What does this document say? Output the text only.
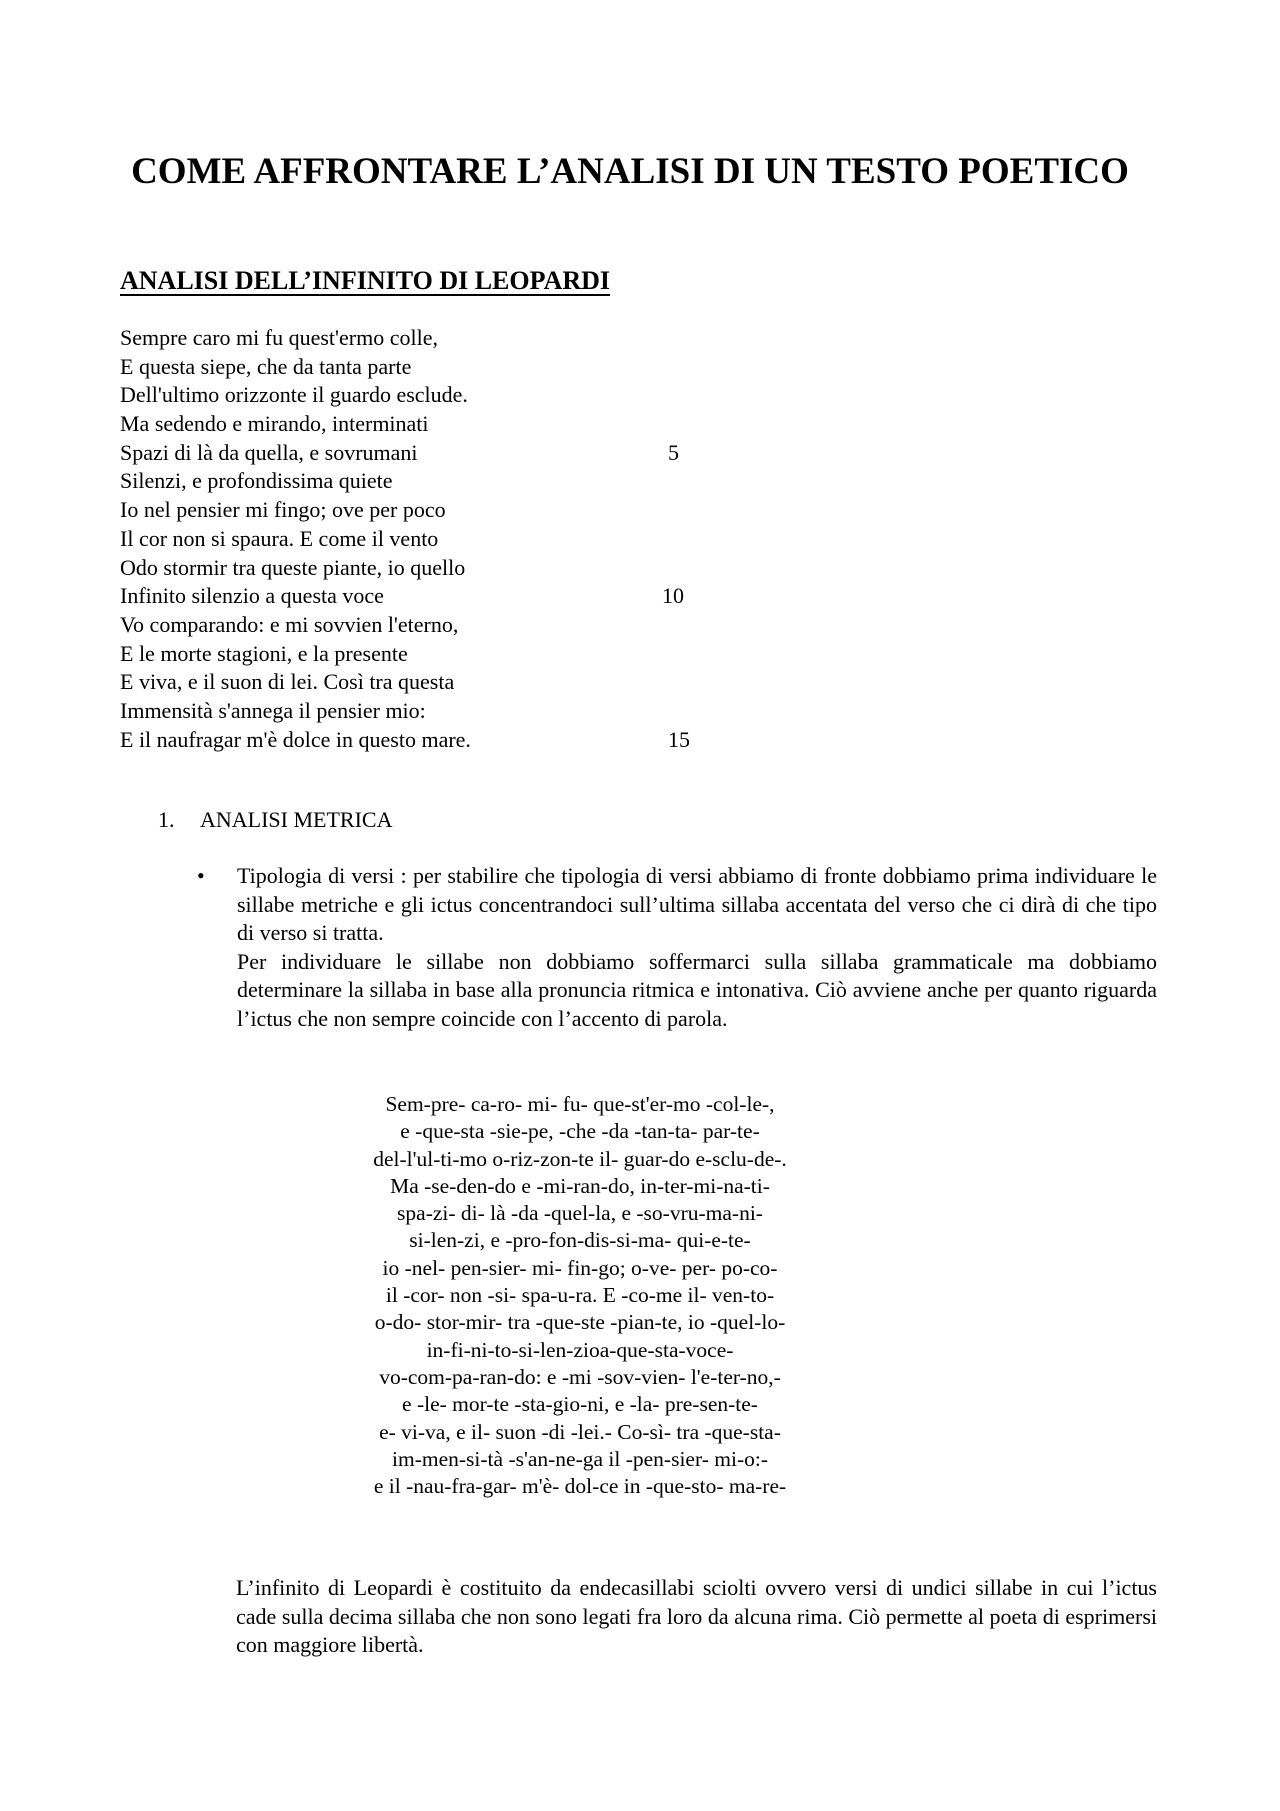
COME AFFRONTARE L’ANALISI DI UN TESTO POETICO
ANALISI DELL’INFINITO DI LEOPARDI
Sempre caro mi fu quest'ermo colle,
E questa siepe, che da tanta parte
Dell'ultimo orizzonte il guardo esclude.
Ma sedendo e mirando, interminati
Spazi di là da quella, e sovrumani	5
Silenzi, e profondissima quiete
Io nel pensier mi fingo; ove per poco
Il cor non si spaura. E come il vento
Odo stormir tra queste piante, io quello
Infinito silenzio a questa voce	10
Vo comparando: e mi sovvien l'eterno,
E le morte stagioni, e la presente
E viva, e il suon di lei. Così tra questa
Immensità s'annega il pensier mio:
E il naufragar m'è dolce in questo mare.	15

1. ANALISI METRICA

•	Tipologia di versi : per stabilire che tipologia di versi abbiamo di fronte dobbiamo prima individuare le sillabe metriche e gli ictus concentrandoci sull’ultima sillaba accentata del verso che ci dirà di che tipo di verso si tratta.

Per individuare le sillabe non dobbiamo soffermarci sulla sillaba grammaticale ma dobbiamo determinare la sillaba in base alla pronuncia ritmica e intonativa. Ciò avviene anche per quanto riguarda l’ictus che non sempre coincide con l’accento di parola.

Sem-pre- ca-ro- mi- fu- que-st'er-mo -col-le-,
e -que-sta -sie-pe, -che -da -tan-ta- par-te-
del-l'ul-ti-mo o-riz-zon-te il- guar-do e-sclu-de-.
Ma -se-den-do e -mi-ran-do, in-ter-mi-na-ti-
spa-zi- di- là -da -quel-la, e -so-vru-ma-ni-
si-len-zi, e -pro-fon-dis-si-ma- qui-e-te-
io -nel- pen-sier- mi- fin-go; o-ve- per- po-co-
il -cor- non -si- spa-u-ra. E -co-me il- ven-to-
o-do- stor-mir- tra -que-ste -pian-te, io -quel-lo-
in-fi-ni-to-si-len-zioa-que-sta-voce-
vo-com-pa-ran-do: e -mi -sov-vien- l'e-ter-no,-
e -le- mor-te -sta-gio-ni, e -la- pre-sen-te-
e- vi-va, e il- suon -di -lei.- Co-sì- tra -que-sta-
im-men-si-tà -s'an-ne-ga il -pen-sier- mi-o:-
e il -nau-fra-gar- m'è- dol-ce in -que-sto- ma-re-

L’infinito di Leopardi è costituito da endecasillabi sciolti ovvero versi di undici sillabe in cui l’ictus cade sulla decima sillaba che non sono legati fra loro da alcuna rima. Ciò permette al poeta di esprimersi con maggiore libertà.
